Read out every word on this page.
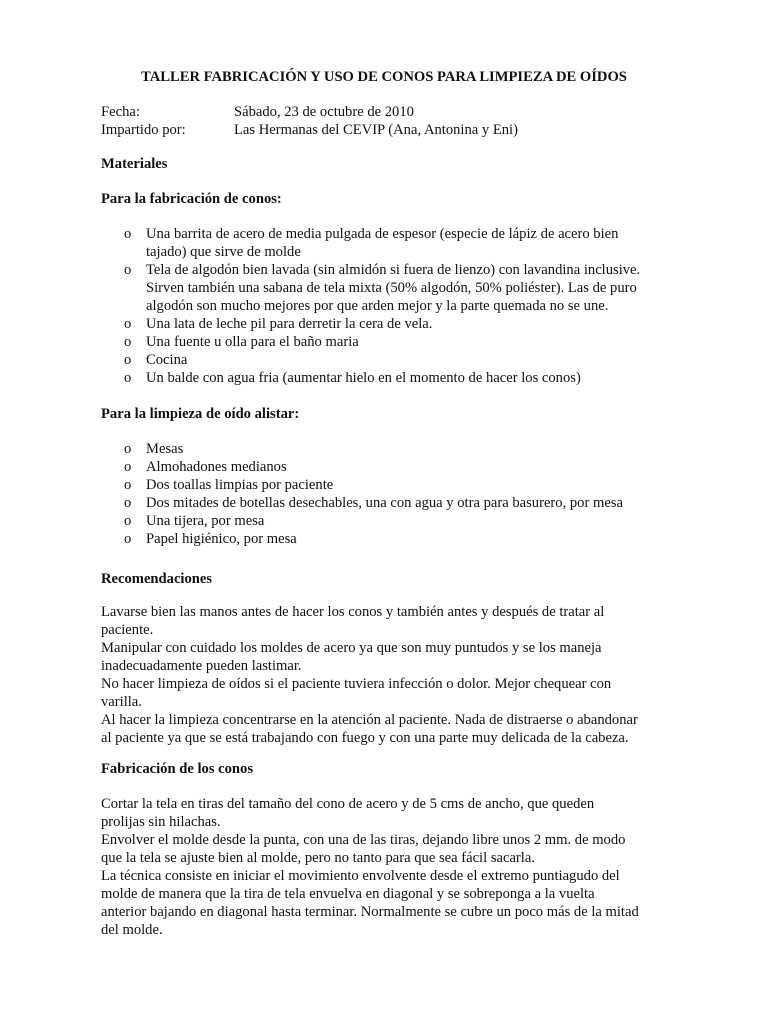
TALLER FABRICACIÓN Y USO DE CONOS PARA LIMPIEZA DE OÍDOS
Fecha:	Sábado, 23 de octubre de 2010
Impartido por:	Las Hermanas del CEVIP (Ana, Antonina y Eni)
Materiales
Para la fabricación de conos:
o Una barrita de acero de media pulgada de espesor (especie de lápiz de acero bien tajado) que sirve de molde
o Tela de algodón bien lavada (sin almidón si fuera de lienzo) con lavandina inclusive. Sirven también una sabana de tela mixta (50% algodón, 50% poliéster). Las de puro algodón son mucho mejores por que arden mejor y la parte quemada no se une.
o Una lata de leche pil para derretir la cera de vela.
o Una fuente u olla para el baño maria
o Cocina
o Un balde con agua fria (aumentar hielo en el momento de hacer los conos)
Para la limpieza de oído alistar:
o Mesas
o Almohadones medianos
o Dos toallas limpias por paciente
o Dos mitades de botellas desechables, una con agua y otra para basurero, por mesa
o Una tijera, por mesa
o Papel higiénico, por mesa
Recomendaciones

Lavarse bien las manos antes de hacer los conos y también antes y después de tratar al paciente.

Manipular con cuidado los moldes de acero ya que son muy puntudos y se los maneja inadecuadamente pueden lastimar.

No hacer limpieza de oídos si el paciente tuviera infección o dolor. Mejor chequear con varilla.

Al hacer la limpieza concentrarse en la atención al paciente. Nada de distraerse o abandonar al paciente ya que se está trabajando con fuego y con una parte muy delicada de la cabeza.

Fabricación de los conos

Cortar la tela en tiras del tamaño del cono de acero y de 5 cms de ancho, que queden prolijas sin hilachas.

Envolver el molde desde la punta, con una de las tiras, dejando libre unos 2 mm. de modo que la tela se ajuste bien al molde, pero no tanto para que sea fácil sacarla.

La técnica consiste en iniciar el movimiento envolvente desde el extremo puntiagudo del molde de manera que la tira de tela envuelva en diagonal y se sobreponga a la vuelta anterior bajando en diagonal hasta terminar. Normalmente se cubre un poco más de la mitad del molde.
